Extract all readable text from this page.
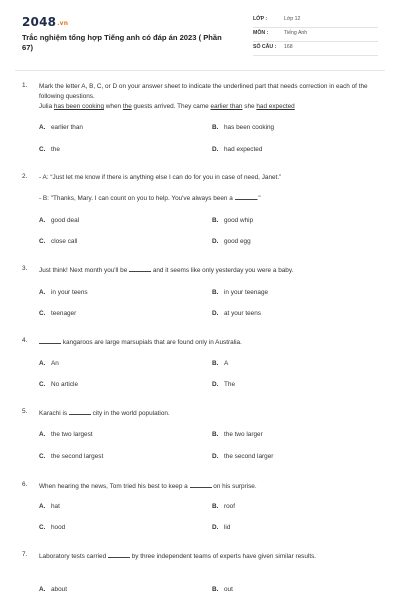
2048.vn
Trắc nghiệm tổng hợp Tiếng anh có đáp án 2023 ( Phần 67)
LỚP :	Lớp 12
MÔN :	Tiếng Anh
SỐ CÂU : 168
1. Mark the letter A, B, C, or D on your answer sheet to indicate the underlined part that needs correction in each of the following questions.
Julia has been cooking when the guests arrived. They came earlier than she had expected
A. earlier than	B. has been cooking
C. the	D. had expected
2. - A: “Just let me know if there is anything else I can do for you in case of need, Janet.”
- B: "Thanks, Mary. I can count on you to help. You've always been a	."
A. good deal	B. good whip
C. close call	D. good egg
3. Just think! Next month you'll be	and it seems like only yesterday you were a baby.
A. in your teens	B. in your teenage
C. teenager	D. at your teens
4.	kangaroos are large marsupials that are found only in Australia.
A. An	B. A
C. No article	D. The
5. Karachi is	city in the world population.
A. the two largest	B. the two larger
C. the second largest	D. the second larger
6. When hearing the news, Tom tried his best to keep a	on his surprise.
A. hat	B. roof
C. hood	D. lid
7. Laboratory tests carried	by three independent teams of experts have given similar results.
A. about	B. out
